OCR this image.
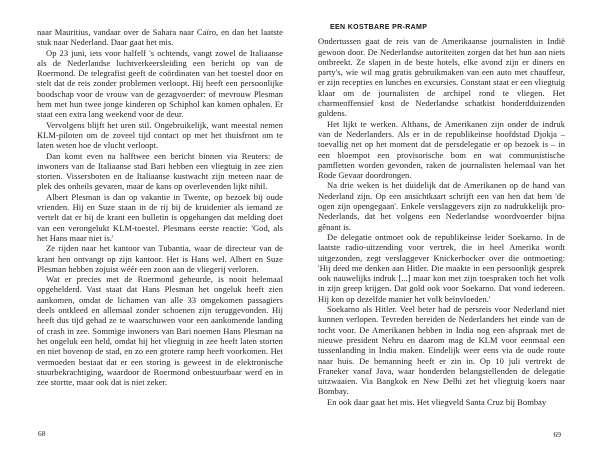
naar Mauritius, vandaar over de Sahara naar Caïro, en dan het laatste stuk naar Nederland. Daar gaat het mis.

Op 23 juni, iets voor halfelf 's ochtends, vangt zowel de Italiaanse als de Nederlandse luchtverkeersleiding een bericht op van de Roermond. De telegrafist geeft de coördinaten van het toestel door en stelt dat de reis zonder problemen verloopt. Hij heeft een persoonlijke boodschap voor de vrouw van de gezagvoerder: of mevrouw Plesman hem met hun twee jonge kinderen op Schiphol kan komen ophalen. Er staat een extra lang weekend voor de deur.

Vervolgens blijft het uren stil. Ongebruikelijk, want meestal nemen KLM-piloten om de zoveel tijd contact op met het thuisfront om te laten weten hoe de vlucht verloopt.

Dan komt even na halftwee een bericht binnen via Reuters: de inwoners van de Italiaanse stad Bari hebben een vliegtuig in zee zien storten. Vissersboten en de Italiaanse kustwacht zijn meteen naar de plek des onheils gevaren, maar de kans op overlevenden lijkt nihil.

Albert Plesman is dan op vakantie in Twente, op bezoek bij oude vrienden. Hij en Suze staan in de rij bij de kruidenier als iemand ze vertelt dat er bij de krant een bulletin is opgehangen dat melding doet van een verongelukt KLM-toestel. Plesmans eerste reactie: 'God, als het Hans maar niet is.'

Ze rijden naar het kantoor van Tubantia, waar de directeur van de krant hen ontvangt op zijn kantoor. Het is Hans wel. Albert en Suze Plesman hebben zojuist wéér een zoon aan de vliegerij verloren.

Wat er precies met de Roermond gebeurde, is nooit helemaal opgehelderd. Vast staat dat Hans Plesman het ongeluk heeft zien aankomen, omdat de lichamen van alle 33 omgekomen passagiers deels ontkleed en allemaal zonder schoenen zijn teruggevonden. Hij heeft dus tijd gehad ze te waarschuwen voor een aankomende landing of crash in zee. Sommige inwoners van Bari noemen Hans Plesman na het ongeluk een held, omdat hij het vliegtuig in zee heeft laten storten en niet bovenop de stad, en zo een grotere ramp heeft voorkomen. Het vermoeden bestaat dat er een storing is geweest in de elektronische stuurbekrachtiging, waardoor de Roermond onbestuurbaar werd en in zee stortte, maar ook dat is niet zeker.

EEN KOSTBARE PR-RAMP

Ondertussen gaat de reis van de Amerikaanse journalisten in Indië gewoon door. De Nederlandse autoriteiten zorgen dat het hun aan niets ontbreekt. Ze slapen in de beste hotels, elke avond zijn er diners en party's, wie wil mag gratis gebruikmaken van een auto met chauffeur, er zijn recepties en lunches en excursies. Constant staat er een vliegtuig klaar om de journalisten de archipel rond te vliegen. Het charmeoffensief kost de Nederlandse schatkist honderdduizenden guldens.

Het lijkt te werken. Althans, de Amerikanen zijn onder de indruk van de Nederlanders. Als er in de republikeinse hoofdstad Djokja – toevallig net op het moment dat de persdelegatie er op bezoek is – in een bloempot een provisorische bom en wat communistische pamfletten worden gevonden, raken de journalisten helemaal van het Rode Gevaar doordrongen.

Na drie weken is het duidelijk dat de Amerikanen op de hand van Nederland zijn. Op een ansichtkaart schrijft een van hen dat hem 'de ogen zijn opengegaan'. Enkele verslaggevers zijn zo nadrukkelijk pro-Nederlands, dat het volgens een Nederlandse woordvoerder bijna gênant is.

De delegatie ontmoet ook de republikeinse leider Soekarno. In de laatste radio-uitzending voor vertrek, die in heel Amerika wordt uitgezonden, zegt verslaggever Knickerbocker over die ontmoeting: 'Hij deed me denken aan Hitler. Die maakte in een persoonlijk gesprek ook nauwelijks indruk [...] maar kon met zijn toespraken toch het volk in zijn greep krijgen. Dat gold ook voor Soekarno. Dat vond iedereen. Hij kon op dezelfde manier het volk beïnvloeden.'

Soekarno als Hitler. Veel beter had de persreis voor Nederland niet kunnen verlopen. Tevreden bereiden de Nederlanders het einde van de tocht voor. De Amerikanen hebben in India nog een afspraak met de nieuwe president Nehru en daarom mag de KLM voor eenmaal een tussenlanding in India maken. Eindelijk weer eens via de oude route naar huis. De bemanning heeft er zin in. Op 10 juli vertrekt de Franeker vanaf Java, waar honderden belangstellenden de delegatie uitzwaaien. Via Bangkok en New Delhi zet het vliegtuig koers naar Bombay.

En ook daar gaat het mis. Het vliegveld Santa Cruz bij Bombay

68	69
